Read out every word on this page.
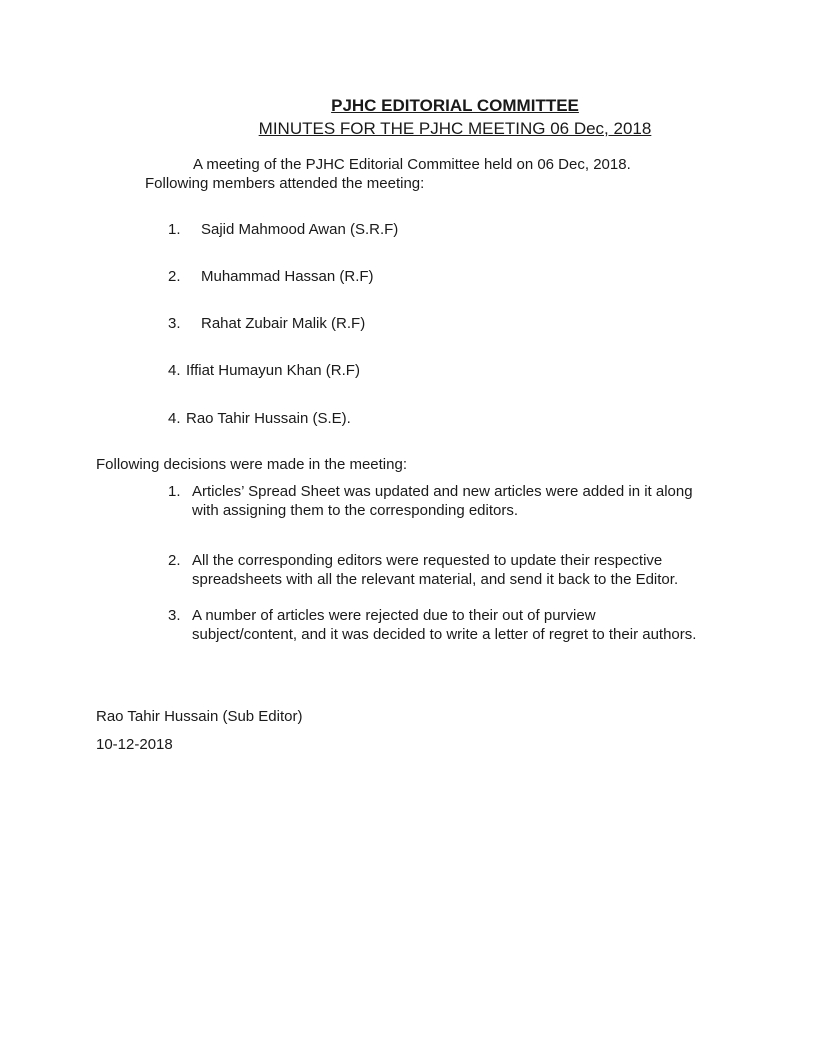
PJHC EDITORIAL COMMITTEE

MINUTES FOR THE PJHC MEETING 06 Dec, 2018

A meeting of the PJHC Editorial Committee held on 06 Dec, 2018.

Following members attended the meeting:

1. Sajid Mahmood Awan (S.R.F)

2. Muhammad Hassan (R.F)

3. Rahat Zubair Malik (R.F)

4. Iffiat Humayun Khan (R.F)

4. Rao Tahir Hussain (S.E).

Following decisions were made in the meeting:

1. Articles’ Spread Sheet was updated and new articles were added in it along with assigning them to the corresponding editors.

2. All the corresponding editors were requested to update their respective spreadsheets with all the relevant material, and send it back to the Editor.

3. A number of articles were rejected due to their out of purview subject/content, and it was decided to write a letter of regret to their authors.

Rao Tahir Hussain (Sub Editor)

10-12-2018
